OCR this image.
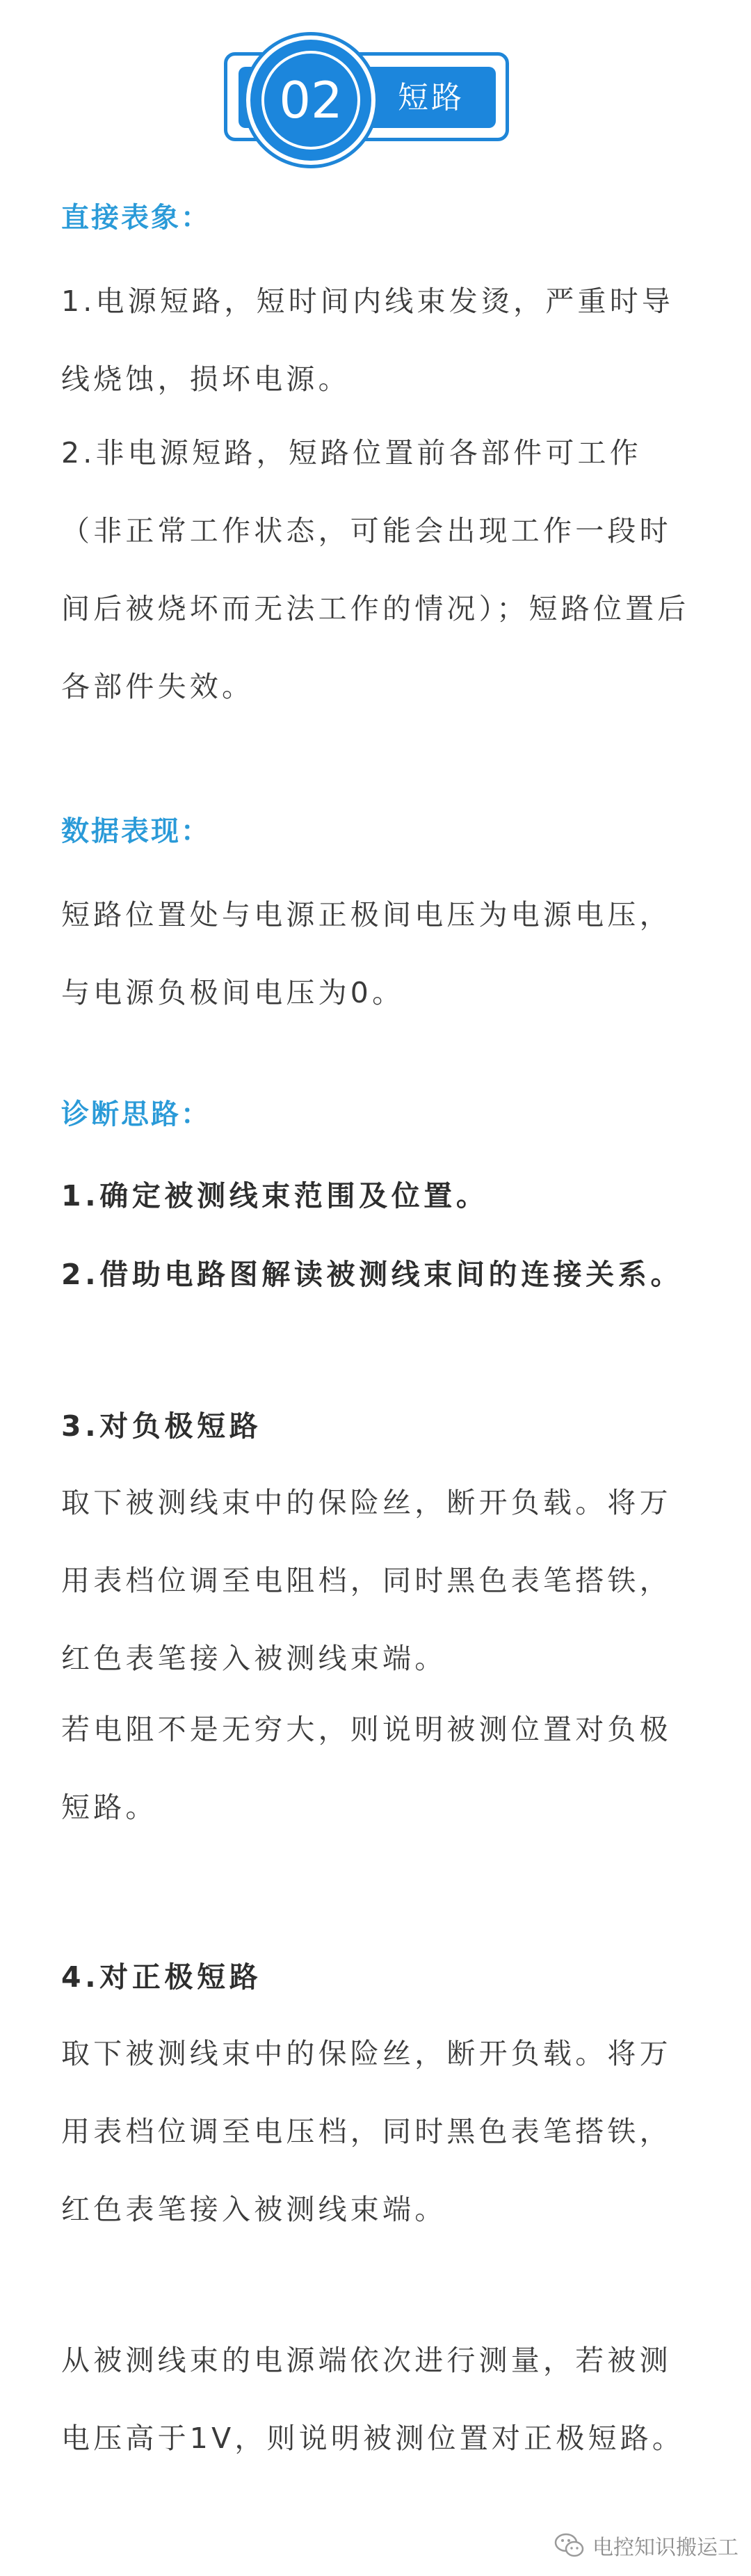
02	短路
直接表象：

1.电源短路，短时间内线束发烫，严重时导线烧蚀，损坏电源。

2.非电源短路，短路位置前各部件可工作（非正常工作状态，可能会出现工作一段时间后被烧坏而无法工作的情况）；短路位置后各部件失效。

数据表现：

短路位置处与电源正极间电压为电源电压，与电源负极间电压为0。

诊断思路：

1.确定被测线束范围及位置。

2.借助电路图解读被测线束间的连接关系。

3.对负极短路

取下被测线束中的保险丝，断开负载。将万用表档位调至电阻档，同时黑色表笔搭铁，红色表笔接入被测线束端。

若电阻不是无穷大，则说明被测位置对负极短路。

4.对正极短路

取下被测线束中的保险丝，断开负载。将万用表档位调至电压档，同时黑色表笔搭铁，红色表笔接入被测线束端。

从被测线束的电源端依次进行测量，若被测电压高于1V，则说明被测位置对正极短路。

电控知识搬运工
